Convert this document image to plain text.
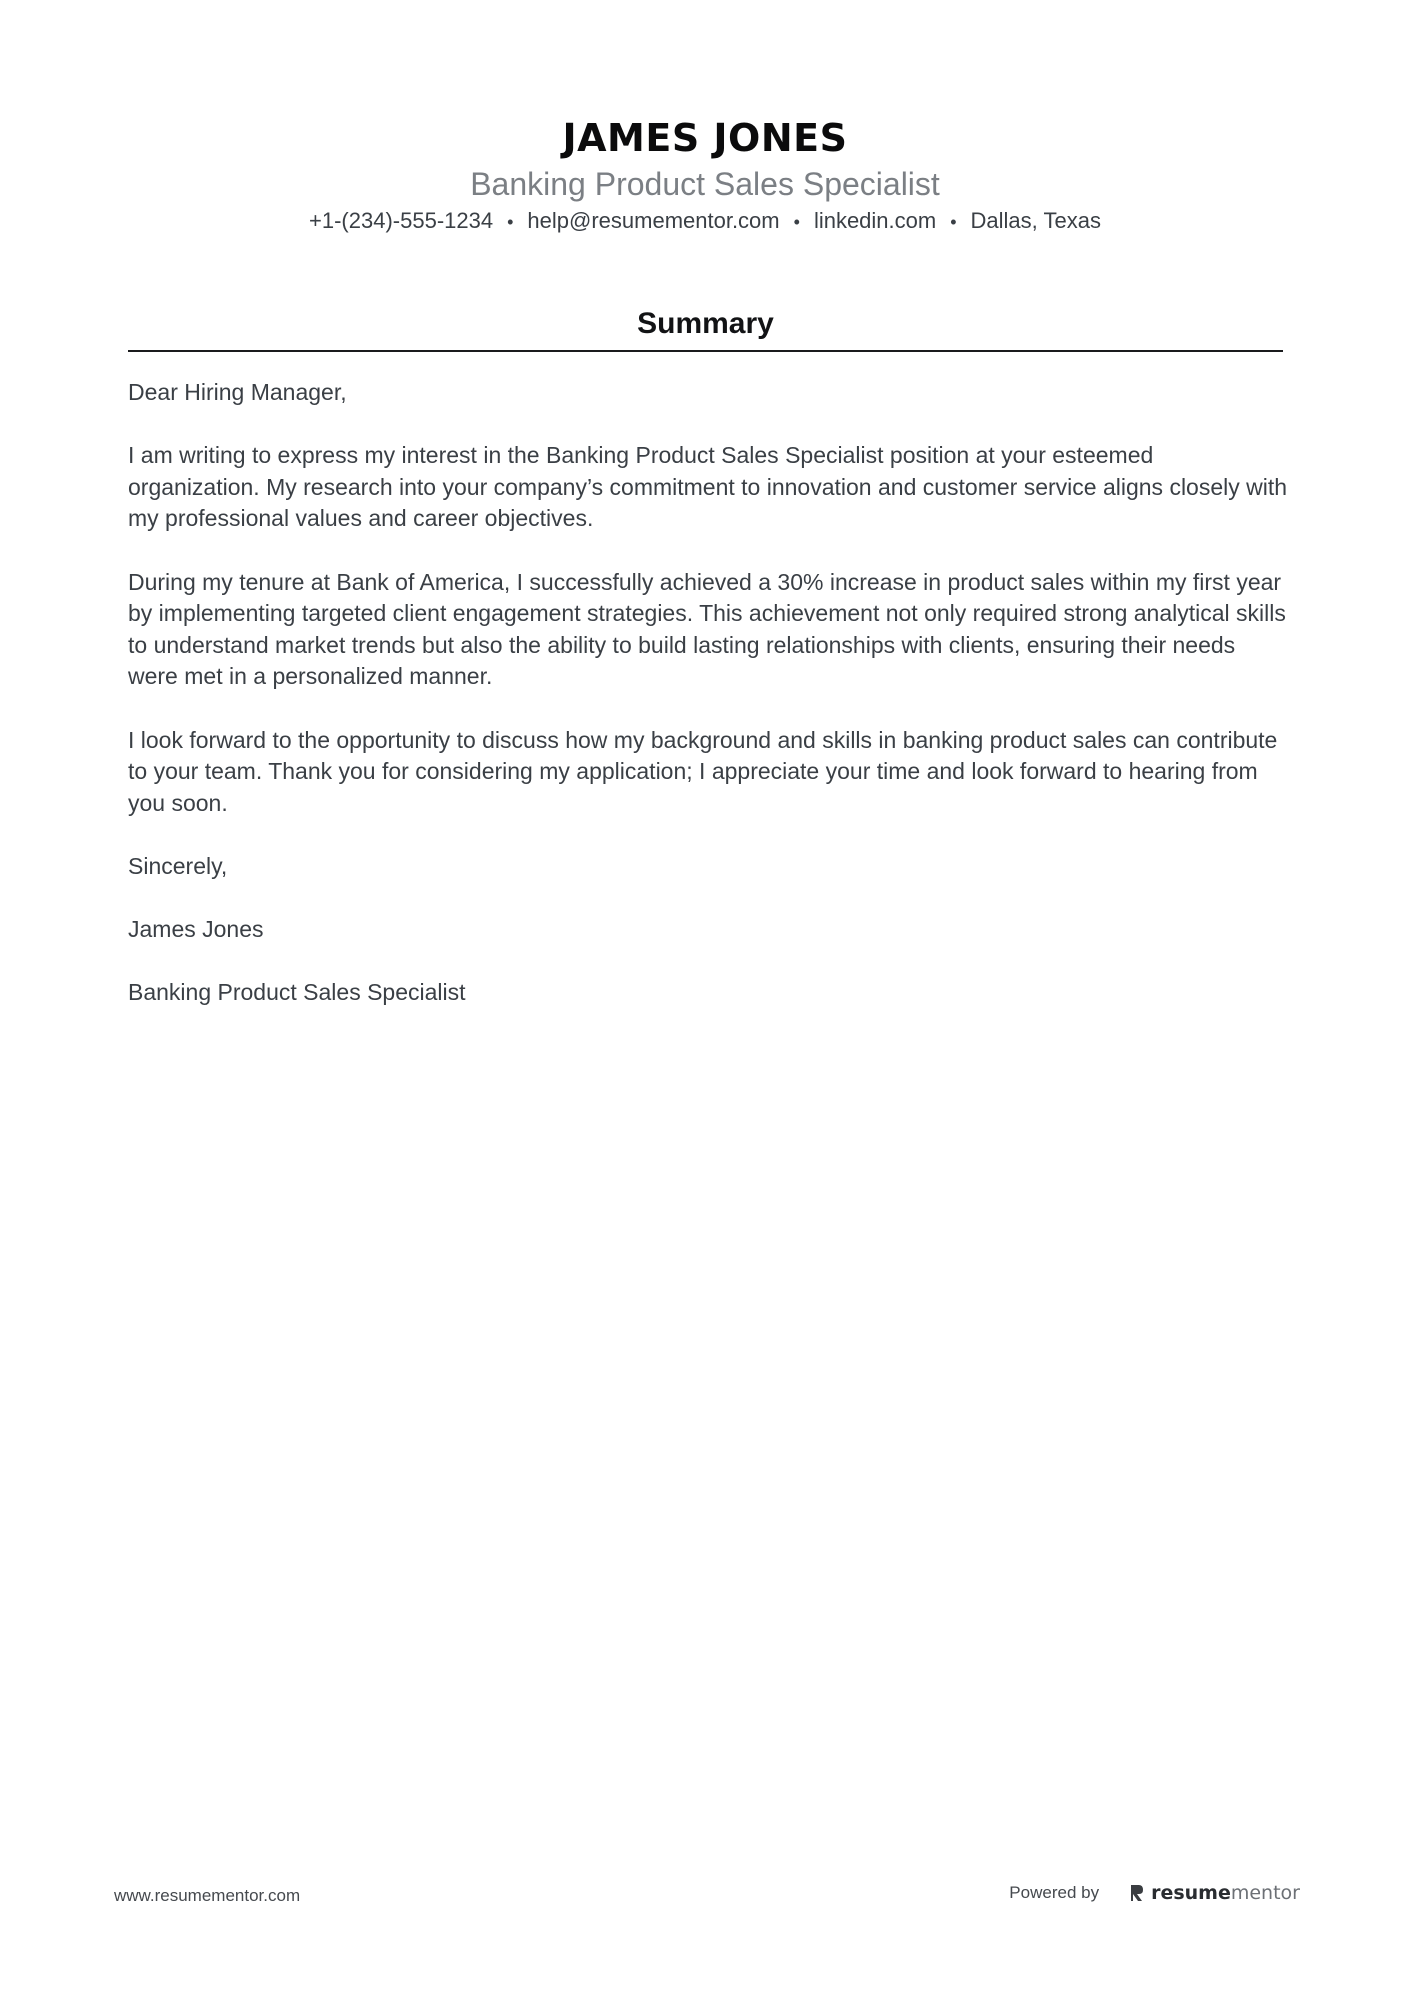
JAMES JONES
Banking Product Sales Specialist
+1-(234)-555-1234 • help@resumementor.com • linkedin.com • Dallas, Texas
Summary

Dear Hiring Manager,

I am writing to express my interest in the Banking Product Sales Specialist position at your esteemed organization. My research into your company’s commitment to innovation and customer service aligns closely with my professional values and career objectives.

During my tenure at Bank of America, I successfully achieved a 30% increase in product sales within my first year by implementing targeted client engagement strategies. This achievement not only required strong analytical skills to understand market trends but also the ability to build lasting relationships with clients, ensuring their needs were met in a personalized manner.

I look forward to the opportunity to discuss how my background and skills in banking product sales can contribute to your team. Thank you for considering my application; I appreciate your time and look forward to hearing from you soon.

Sincerely,

James Jones

Banking Product Sales Specialist

www.resumementor.com	Powered by	resumementor
